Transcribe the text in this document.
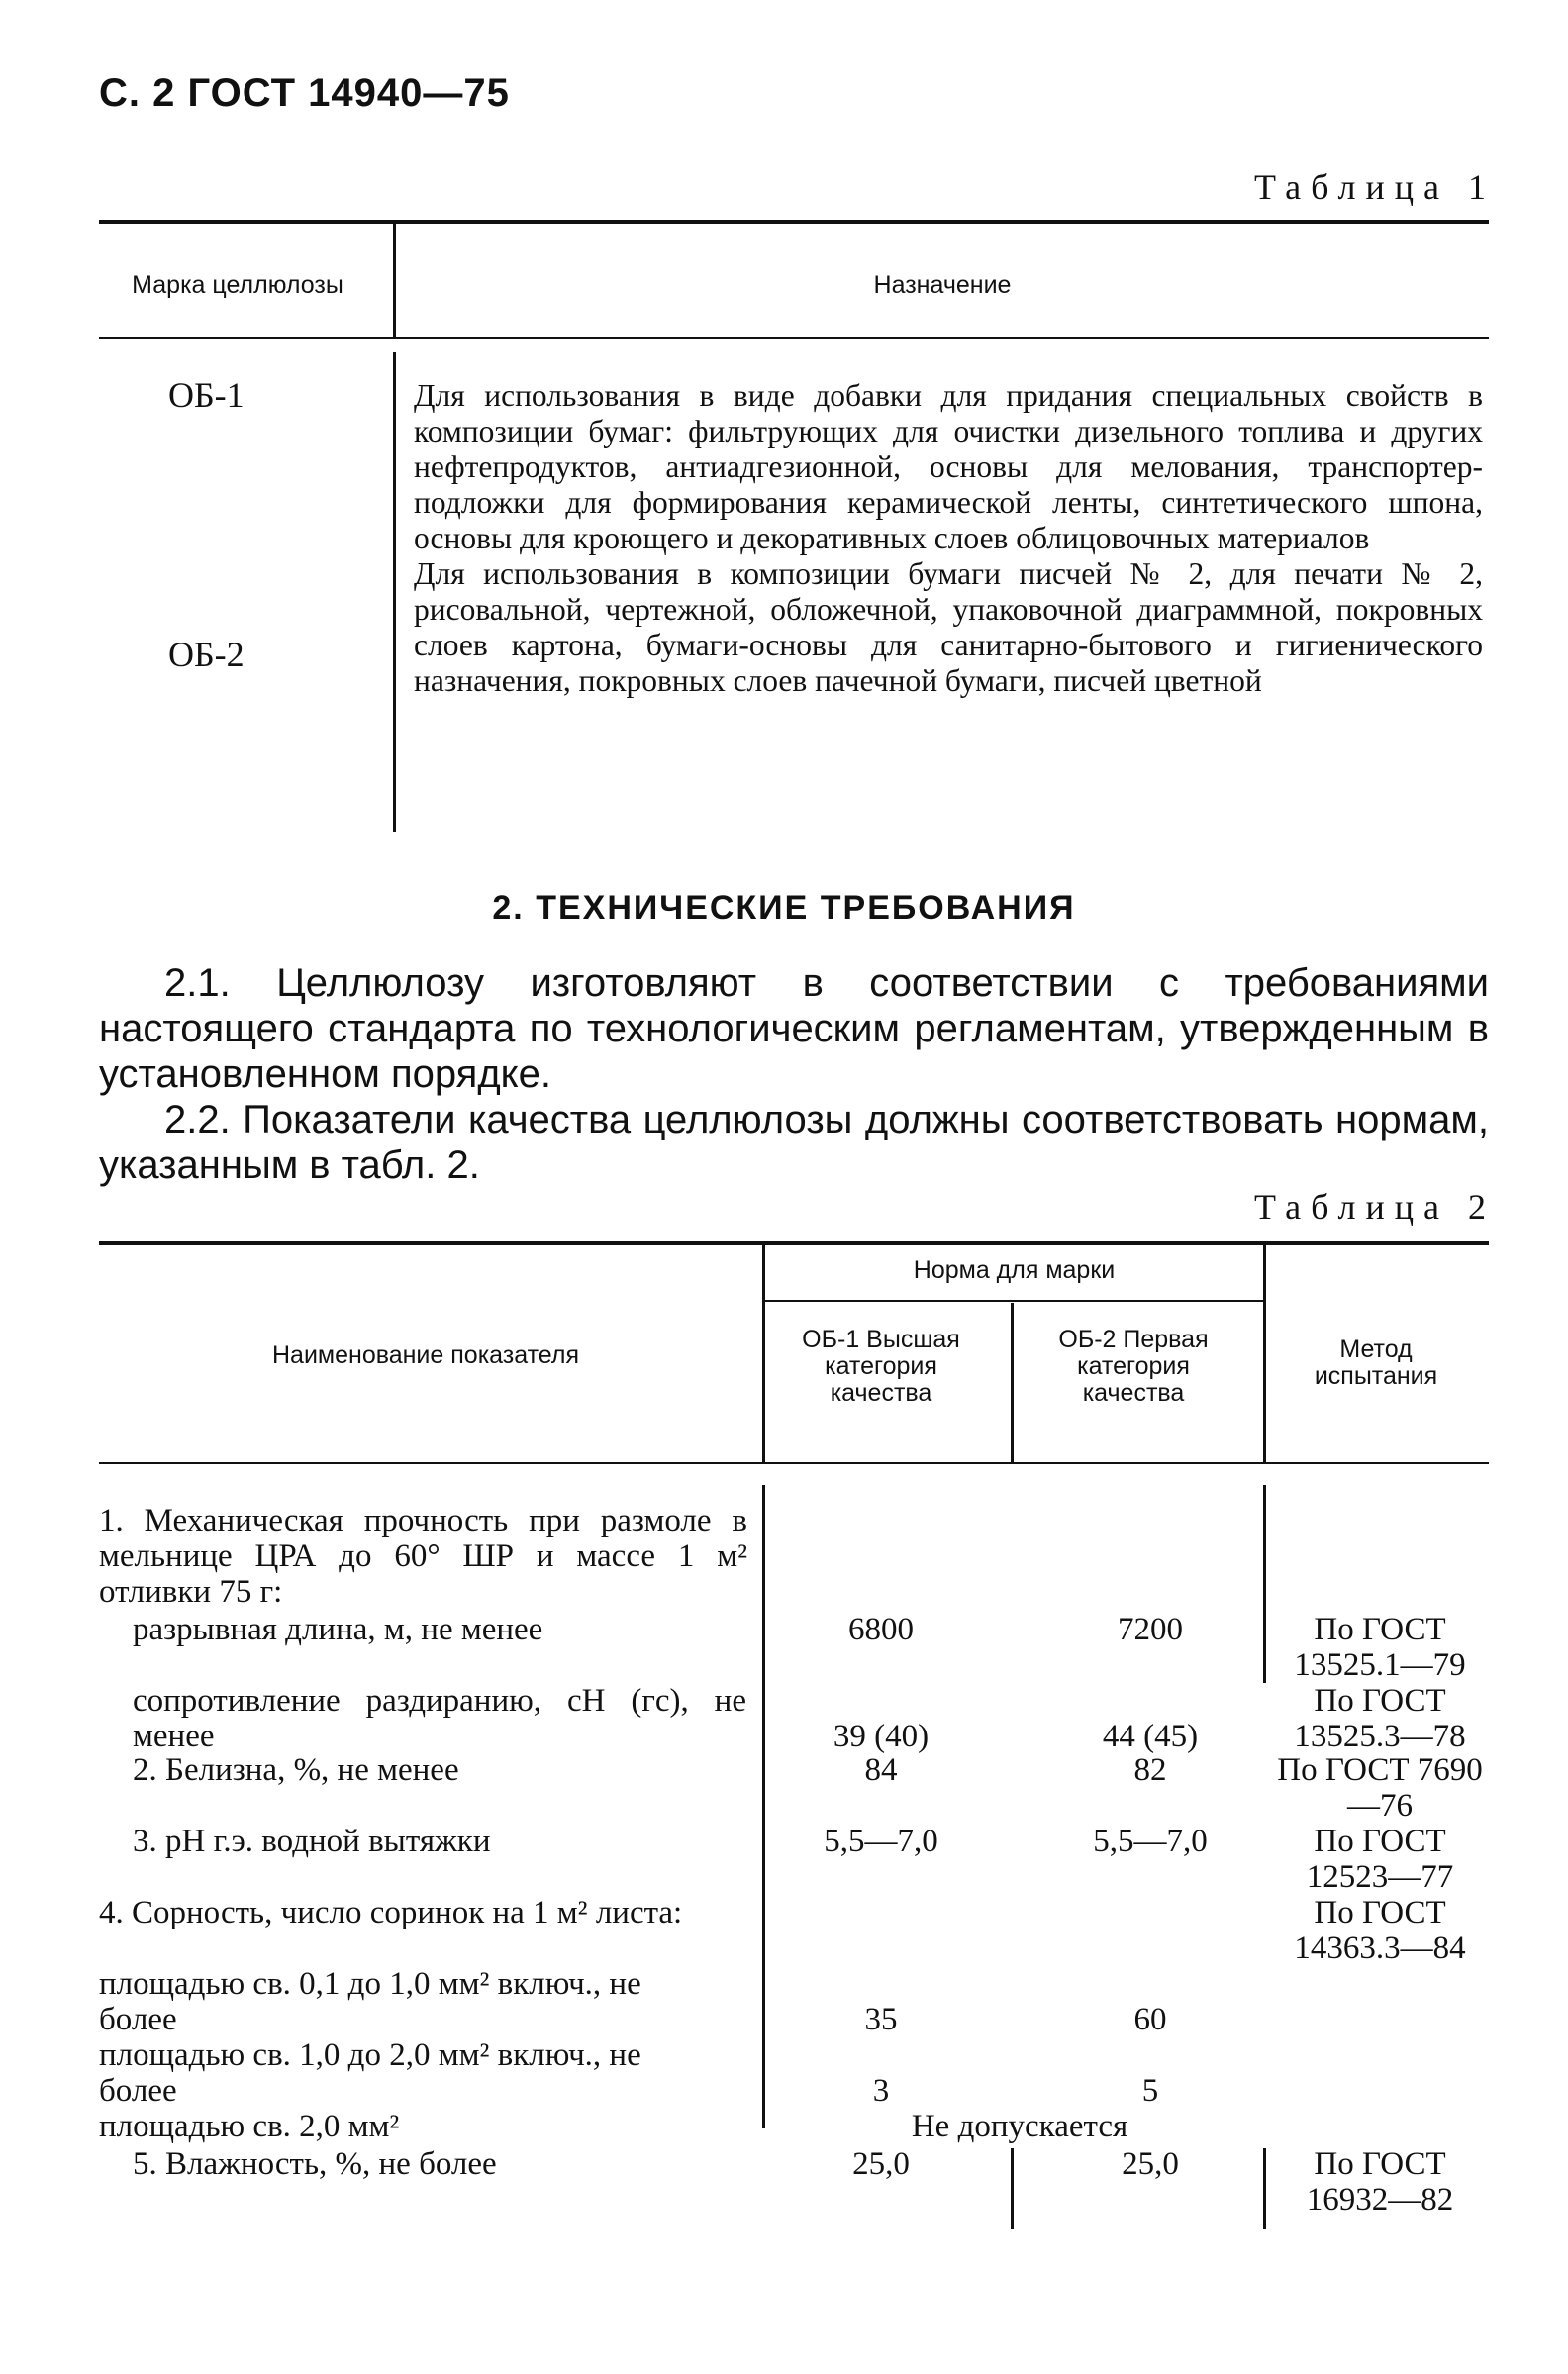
С. 2 ГОСТ 14940—75
Таблица 1
Марка целлюлозы	Назначение
ОБ-1
ОБ-2

Для использования в виде добавки для придания специальных свойств в композиции бумаг: фильтрующих для очистки дизельного топлива и других нефтепродуктов, антиадгезионной, основы для мелования, транспортер-подложки для формирования керамической ленты, синтетического шпона, основы для кроющего и декоративных слоев облицовочных материалов

Для использования в композиции бумаги писчей № 2, для печати № 2, рисовальной, чертежной, обложечной, упаковочной диаграммной, покровных слоев картона, бумаги-основы для санитарно-бытового и гигиенического назначения, покровных слоев пачечной бумаги, писчей цветной

2. ТЕХНИЧЕСКИЕ ТРЕБОВАНИЯ

2.1. Целлюлозу изготовляют в соответствии с требованиями настоящего стандарта по технологическим регламентам, утвержденным в установленном порядке.

2.2. Показатели качества целлюлозы должны соответствовать нормам, указанным в табл. 2.

Таблица 2
Наименование показателя
Норма для марки
ОБ-1 Высшая категория качества
ОБ-2 Первая категория качества
Метод испытания
1. Механическая прочность при размоле в мельнице ЦРА до 60° ШР и массе 1 м² отливки 75 г:
разрывная длина, м, не менее
сопротивление раздиранию, сН (гс), не менее
2. Белизна, %, не менее
3. pH г.э. водной вытяжки
4. Сорность, число соринок на 1 м² листа:
площадью св. 0,1 до 1,0 мм² включ., не более
площадью св. 1,0 до 2,0 мм² включ., не более
площадью св. 2,0 мм²
5. Влажность, %, не более
6800
39 (40)
84
5,5—7,0
35
3
25,0
7200
44 (45)
82
5,5—7,0
60
5
25,0
Не допускается
По ГОСТ 13525.1—79
По ГОСТ 13525.3—78
По ГОСТ 7690—76
По ГОСТ 12523—77
По ГОСТ 14363.3—84
По ГОСТ 16932—82
